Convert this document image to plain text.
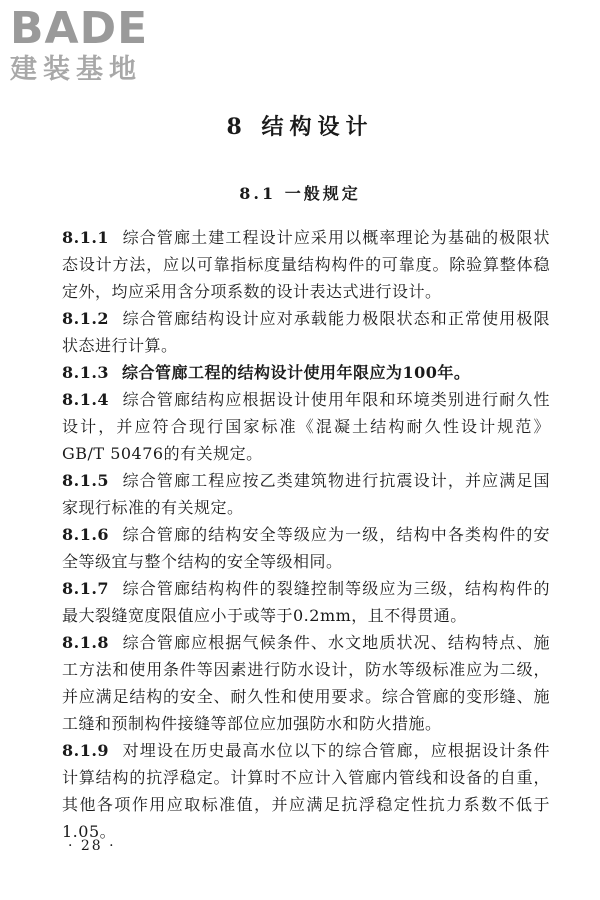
BADE
建装基地
8 结构设计
8.1 一般规定

8.1.1 综合管廊土建工程设计应采用以概率理论为基础的极限状态设计方法，应以可靠指标度量结构构件的可靠度。除验算整体稳定外，均应采用含分项系数的设计表达式进行设计。

8.1.2 综合管廊结构设计应对承载能力极限状态和正常使用极限状态进行计算。

8.1.3 综合管廊工程的结构设计使用年限应为100年。

8.1.4 综合管廊结构应根据设计使用年限和环境类别进行耐久性设计，并应符合现行国家标准《混凝土结构耐久性设计规范》GB/T 50476的有关规定。

8.1.5 综合管廊工程应按乙类建筑物进行抗震设计，并应满足国家现行标准的有关规定。

8.1.6 综合管廊的结构安全等级应为一级，结构中各类构件的安全等级宜与整个结构的安全等级相同。

8.1.7 综合管廊结构构件的裂缝控制等级应为三级，结构构件的最大裂缝宽度限值应小于或等于0.2mm，且不得贯通。

8.1.8 综合管廊应根据气候条件、水文地质状况、结构特点、施工方法和使用条件等因素进行防水设计，防水等级标准应为二级，并应满足结构的安全、耐久性和使用要求。综合管廊的变形缝、施工缝和预制构件接缝等部位应加强防水和防火措施。

8.1.9 对埋设在历史最高水位以下的综合管廊，应根据设计条件计算结构的抗浮稳定。计算时不应计入管廊内管线和设备的自重，其他各项作用应取标准值，并应满足抗浮稳定性抗力系数不低于1.05。

· 28 ·
